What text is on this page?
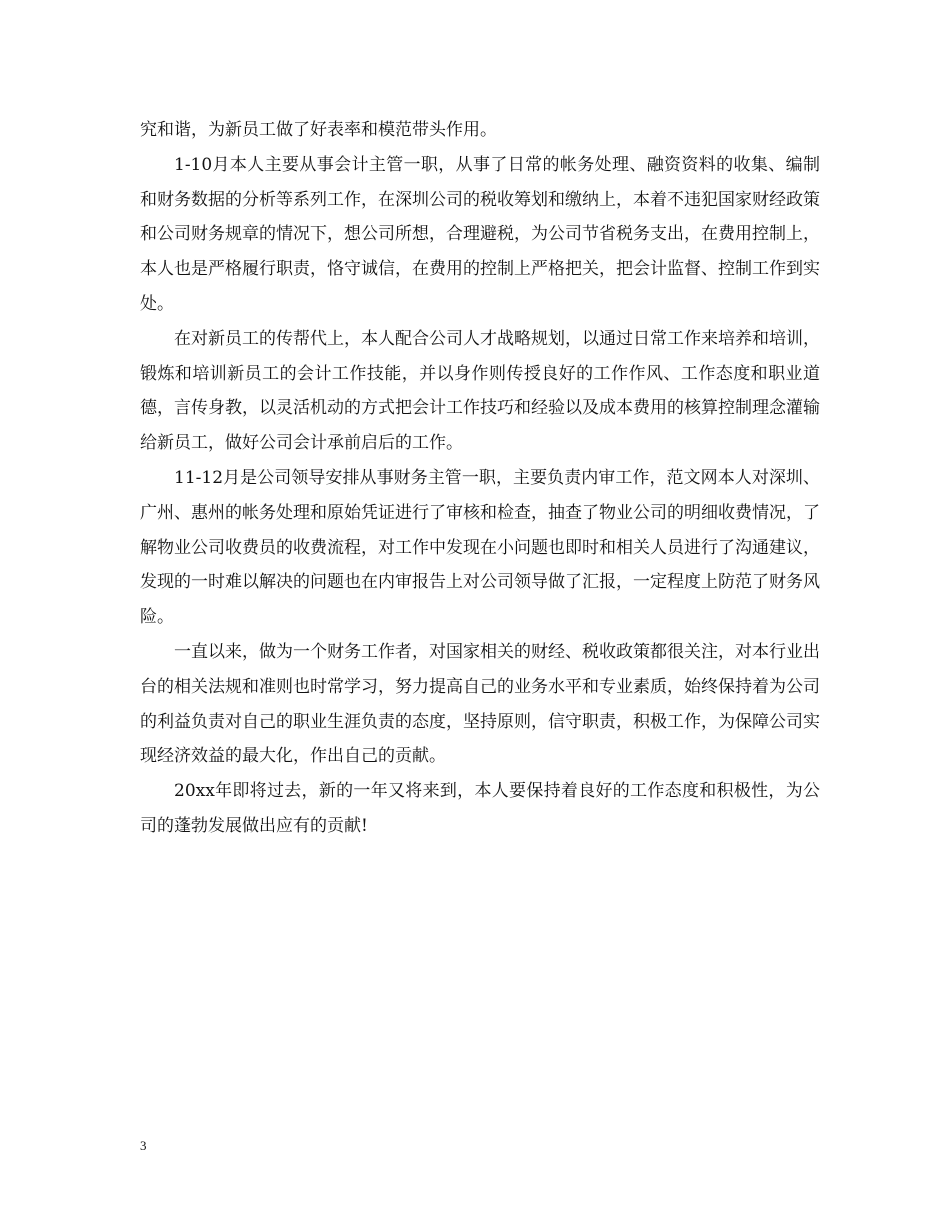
究和谐，为新员工做了好表率和模范带头作用。

1-10月本人主要从事会计主管一职，从事了日常的帐务处理、融资资料的收集、编制和财务数据的分析等系列工作，在深圳公司的税收筹划和缴纳上，本着不违犯国家财经政策和公司财务规章的情况下，想公司所想，合理避税，为公司节省税务支出，在费用控制上，本人也是严格履行职责，恪守诚信，在费用的控制上严格把关，把会计监督、控制工作到实处。

在对新员工的传帮代上，本人配合公司人才战略规划，以通过日常工作来培养和培训，锻炼和培训新员工的会计工作技能，并以身作则传授良好的工作作风、工作态度和职业道德，言传身教，以灵活机动的方式把会计工作技巧和经验以及成本费用的核算控制理念灌输给新员工，做好公司会计承前启后的工作。

11-12月是公司领导安排从事财务主管一职，主要负责内审工作，范文网本人对深圳、广州、惠州的帐务处理和原始凭证进行了审核和检查，抽查了物业公司的明细收费情况，了解物业公司收费员的收费流程，对工作中发现在小问题也即时和相关人员进行了沟通建议，发现的一时难以解决的问题也在内审报告上对公司领导做了汇报，一定程度上防范了财务风险。

一直以来，做为一个财务工作者，对国家相关的财经、税收政策都很关注，对本行业出台的相关法规和准则也时常学习，努力提高自己的业务水平和专业素质，始终保持着为公司的利益负责对自己的职业生涯负责的态度，坚持原则，信守职责，积极工作，为保障公司实现经济效益的最大化，作出自己的贡献。

20xx年即将过去，新的一年又将来到，本人要保持着良好的工作态度和积极性，为公司的蓬勃发展做出应有的贡献!

3
